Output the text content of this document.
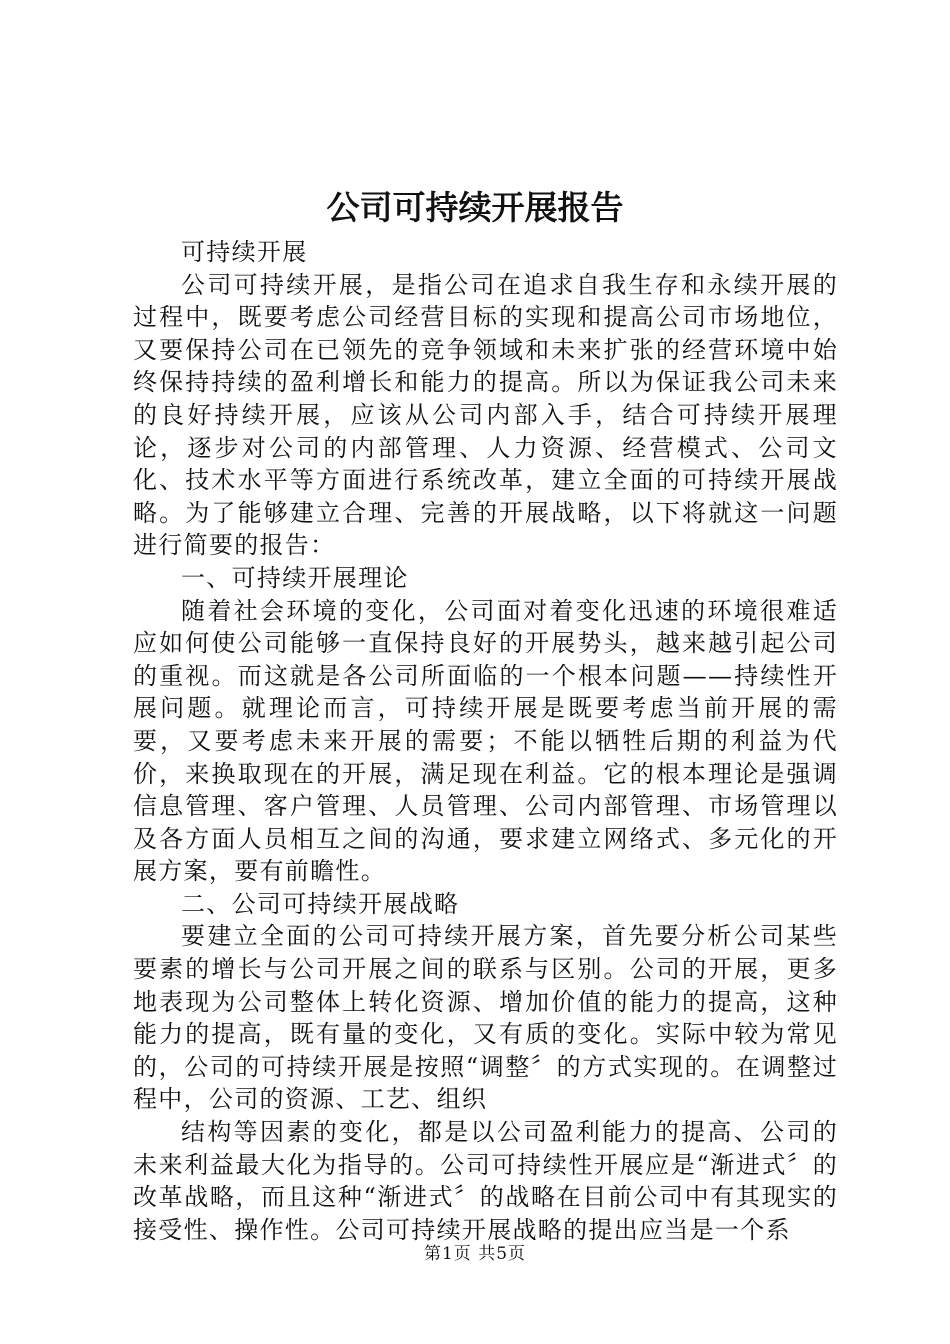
公司可持续开展报告

可持续开展

公司可持续开展，是指公司在追求自我生存和永续开展的过程中，既要考虑公司经营目标的实现和提高公司市场地位，又要保持公司在已领先的竞争领域和未来扩张的经营环境中始终保持持续的盈利增长和能力的提高。所以为保证我公司未来的良好持续开展，应该从公司内部入手，结合可持续开展理论，逐步对公司的内部管理、人力资源、经营模式、公司文化、技术水平等方面进行系统改革，建立全面的可持续开展战略。为了能够建立合理、完善的开展战略，以下将就这一问题进行简要的报告：

一、可持续开展理论

随着社会环境的变化，公司面对着变化迅速的环境很难适应如何使公司能够一直保持良好的开展势头，越来越引起公司的重视。而这就是各公司所面临的一个根本问题——持续性开展问题。就理论而言，可持续开展是既要考虑当前开展的需要，又要考虑未来开展的需要；不能以牺牲后期的利益为代价，来换取现在的开展，满足现在利益。它的根本理论是强调信息管理、客户管理、人员管理、公司内部管理、市场管理以及各方面人员相互之间的沟通，要求建立网络式、多元化的开展方案，要有前瞻性。

二、公司可持续开展战略

要建立全面的公司可持续开展方案，首先要分析公司某些要素的增长与公司开展之间的联系与区别。公司的开展，更多地表现为公司整体上转化资源、增加价值的能力的提高，这种能力的提高，既有量的变化，又有质的变化。实际中较为常见的，公司的可持续开展是按照“调整〞的方式实现的。在调整过程中，公司的资源、工艺、组织

结构等因素的变化，都是以公司盈利能力的提高、公司的未来利益最大化为指导的。公司可持续性开展应是“渐进式〞的改革战略，而且这种“渐进式〞的战略在目前公司中有其现实的接受性、操作性。公司可持续开展战略的提出应当是一个系

第1页 共5页
